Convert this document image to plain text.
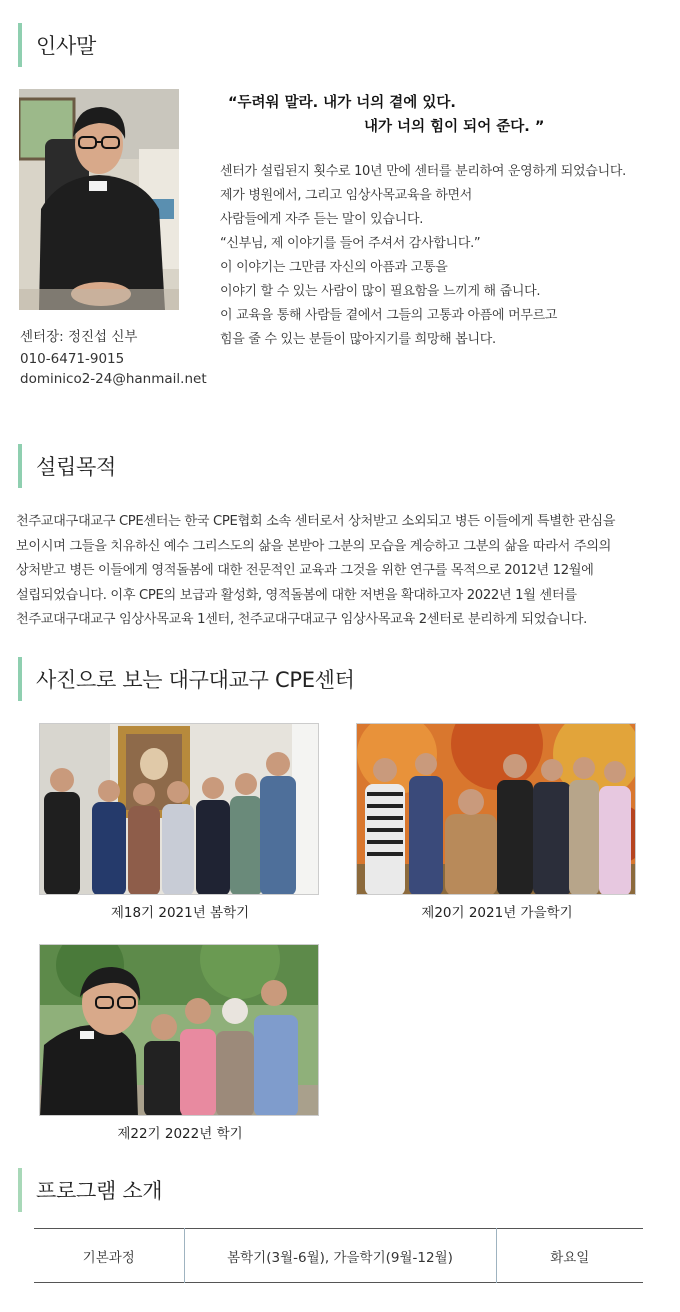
인사말
센터장: 정진섭 신부
010-6471-9015
dominico2-24@hanmail.net
“두려워 말라. 내가 너의 곁에 있다.
내가 너의 힘이 되어 준다. ”

센터가 설립된지 횟수로 10년 만에 센터를 분리하여 운영하게 되었습니다.

제가 병원에서, 그리고 임상사목교육을 하면서

사람들에게 자주 듣는 말이 있습니다.

“신부님, 제 이야기를 들어 주셔서 감사합니다.”

이 이야기는 그만큼 자신의 아픔과 고통을

이야기 할 수 있는 사람이 많이 필요함을 느끼게 해 줍니다.

이 교육을 통해 사람들 곁에서 그들의 고통과 아픔에 머무르고

힘을 줄 수 있는 분들이 많아지기를 희망해 봅니다.

설립목적

천주교대구대교구 CPE센터는 한국 CPE협회 소속 센터로서 상처받고 소외되고 병든 이들에게 특별한 관심을

보이시며 그들을 치유하신 예수 그리스도의 삶을 본받아 그분의 모습을 계승하고 그분의 삶을 따라서 주의의

상처받고 병든 이들에게 영적돌봄에 대한 전문적인 교육과 그것을 위한 연구를 목적으로 2012년 12월에

설립되었습니다. 이후 CPE의 보급과 활성화, 영적돌봄에 대한 저변을 확대하고자 2022년 1월 센터를

천주교대구대교구 임상사목교육 1센터, 천주교대구대교구 임상사목교육 2센터로 분리하게 되었습니다.

사진으로 보는 대구대교구 CPE센터
제18기 2021년 봄학기	제20기 2021년 가을학기
제22기 2022년 학기
프로그램 소개
기본과정	봄학기(3월-6월), 가을학기(9월-12월)	화요일
